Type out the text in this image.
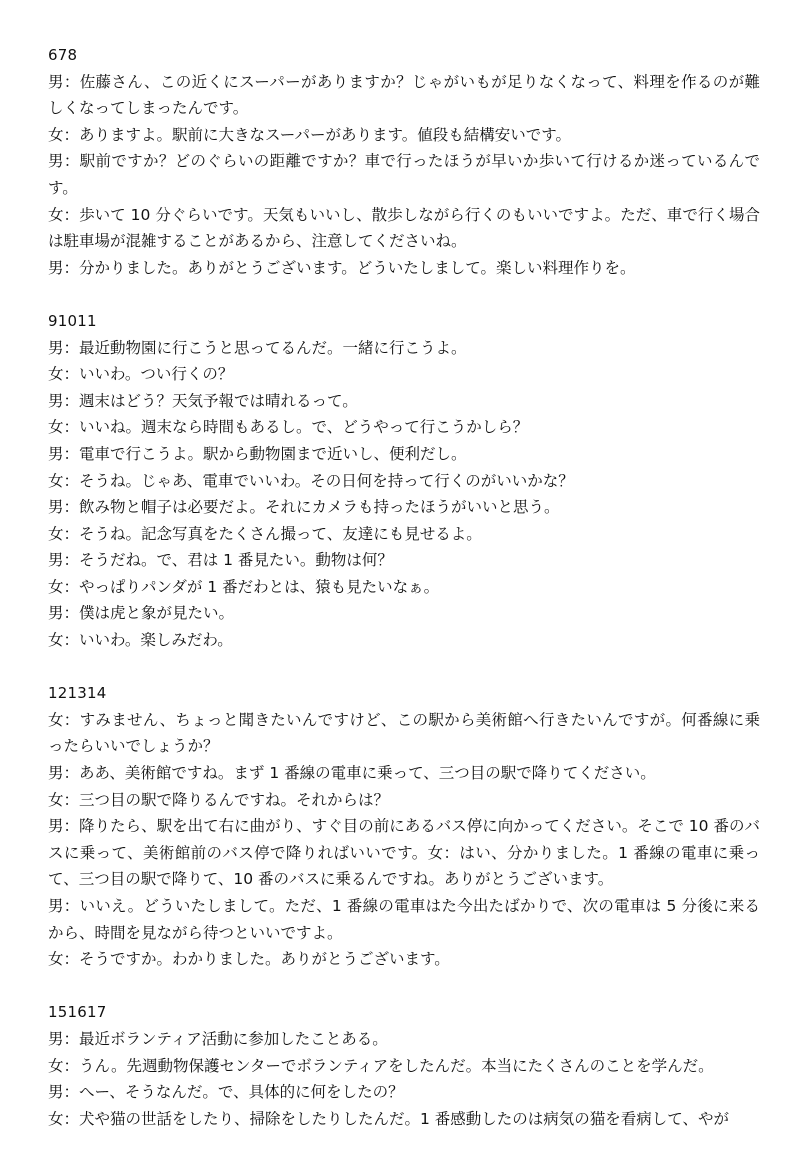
678
男：佐藤さん、この近くにスーパーがありますか？じゃがいもが足りなくなって、料理を作るのが難しくなってしまったんです。
女：ありますよ。駅前に大きなスーパーがあります。値段も結構安いです。
男：駅前ですか？どのぐらいの距離ですか？車で行ったほうが早いか歩いて行けるか迷っているんです。
女：歩いて 10 分ぐらいです。天気もいいし、散歩しながら行くのもいいですよ。ただ、車で行く場合は駐車場が混雑することがあるから、注意してくださいね。
男：分かりました。ありがとうございます。どういたしまして。楽しい料理作りを。
91011
男：最近動物園に行こうと思ってるんだ。一緒に行こうよ。
女：いいわ。つい行くの？
男：週末はどう？天気予報では晴れるって。
女：いいね。週末なら時間もあるし。で、どうやって行こうかしら？
男：電車で行こうよ。駅から動物園まで近いし、便利だし。
女：そうね。じゃあ、電車でいいわ。その日何を持って行くのがいいかな？
男：飲み物と帽子は必要だよ。それにカメラも持ったほうがいいと思う。
女：そうね。記念写真をたくさん撮って、友達にも見せるよ。
男：そうだね。で、君は 1 番見たい。動物は何？
女：やっぱりパンダが 1 番だわとは、猿も見たいなぁ。
男：僕は虎と象が見たい。
女：いいわ。楽しみだわ。
121314
女：すみません、ちょっと聞きたいんですけど、この駅から美術館へ行きたいんですが。何番線に乗ったらいいでしょうか？
男：ああ、美術館ですね。まず 1 番線の電車に乗って、三つ目の駅で降りてください。
女：三つ目の駅で降りるんですね。それからは？
男：降りたら、駅を出て右に曲がり、すぐ目の前にあるバス停に向かってください。そこで 10 番のバスに乗って、美術館前のバス停で降りればいいです。女：はい、分かりました。1 番線の電車に乗って、三つ目の駅で降りて、10 番のバスに乗るんですね。ありがとうございます。
男：いいえ。どういたしまして。ただ、1 番線の電車はた今出たばかりで、次の電車は 5 分後に来るから、時間を見ながら待つといいですよ。
女：そうですか。わかりました。ありがとうございます。
151617
男：最近ボランティア活動に参加したことある。
女：うん。先週動物保護センターでボランティアをしたんだ。本当にたくさんのことを学んだ。
男：へー、そうなんだ。で、具体的に何をしたの？
女：犬や猫の世話をしたり、掃除をしたりしたんだ。1 番感動したのは病気の猫を看病して、やが
